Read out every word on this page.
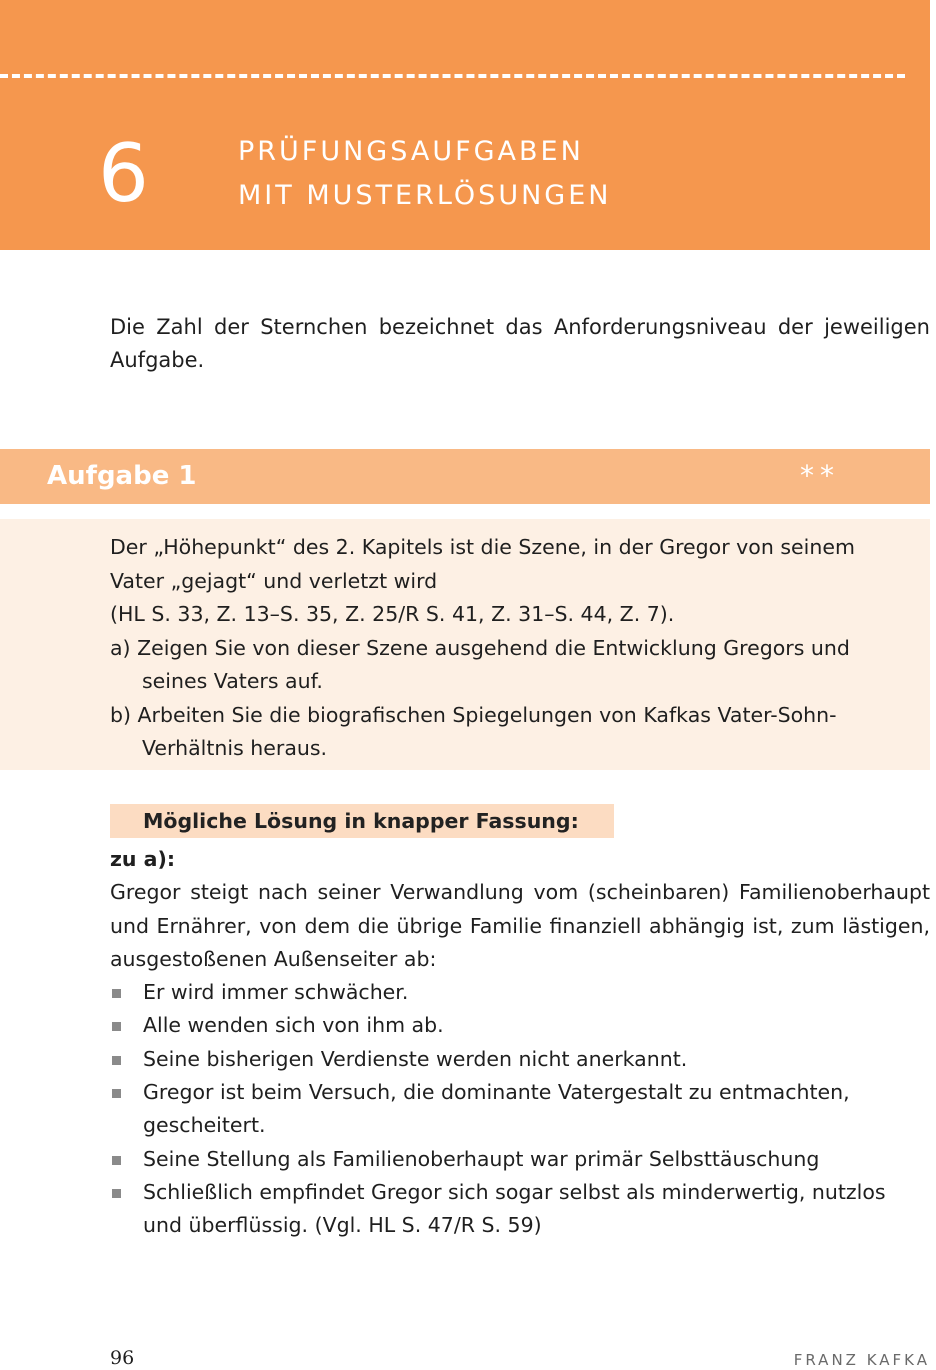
6	PRÜFUNGSAUFGABEN
MIT MUSTERLÖSUNGEN

Die Zahl der Sternchen bezeichnet das Anforderungsniveau der jeweiligen Aufgabe.

Aufgabe 1	**

Der „Höhepunkt“ des 2. Kapitels ist die Szene, in der Gregor von seinem Vater „gejagt“ und verletzt wird

(HL S. 33, Z. 13–S. 35, Z. 25/R S. 41, Z. 31–S. 44, Z. 7).

a) Zeigen Sie von dieser Szene ausgehend die Entwicklung Gregors und seines Vaters auf.

b) Arbeiten Sie die biografischen Spiegelungen von Kafkas Vater-Sohn-Verhältnis heraus.

Mögliche Lösung in knapper Fassung:

zu a):

Gregor steigt nach seiner Verwandlung vom (scheinbaren) Familienoberhaupt und Ernährer, von dem die übrige Familie finanziell abhängig ist, zum lästigen, ausgestoßenen Außenseiter ab:

Er wird immer schwächer.
Alle wenden sich von ihm ab.
Seine bisherigen Verdienste werden nicht anerkannt.
Gregor ist beim Versuch, die dominante Vatergestalt zu entmachten, gescheitert.
Seine Stellung als Familienoberhaupt war primär Selbsttäuschung
Schließlich empfindet Gregor sich sogar selbst als minderwertig, nutzlos und überflüssig. (Vgl. HL S. 47/R S. 59)
96	FRANZ KAFKA
